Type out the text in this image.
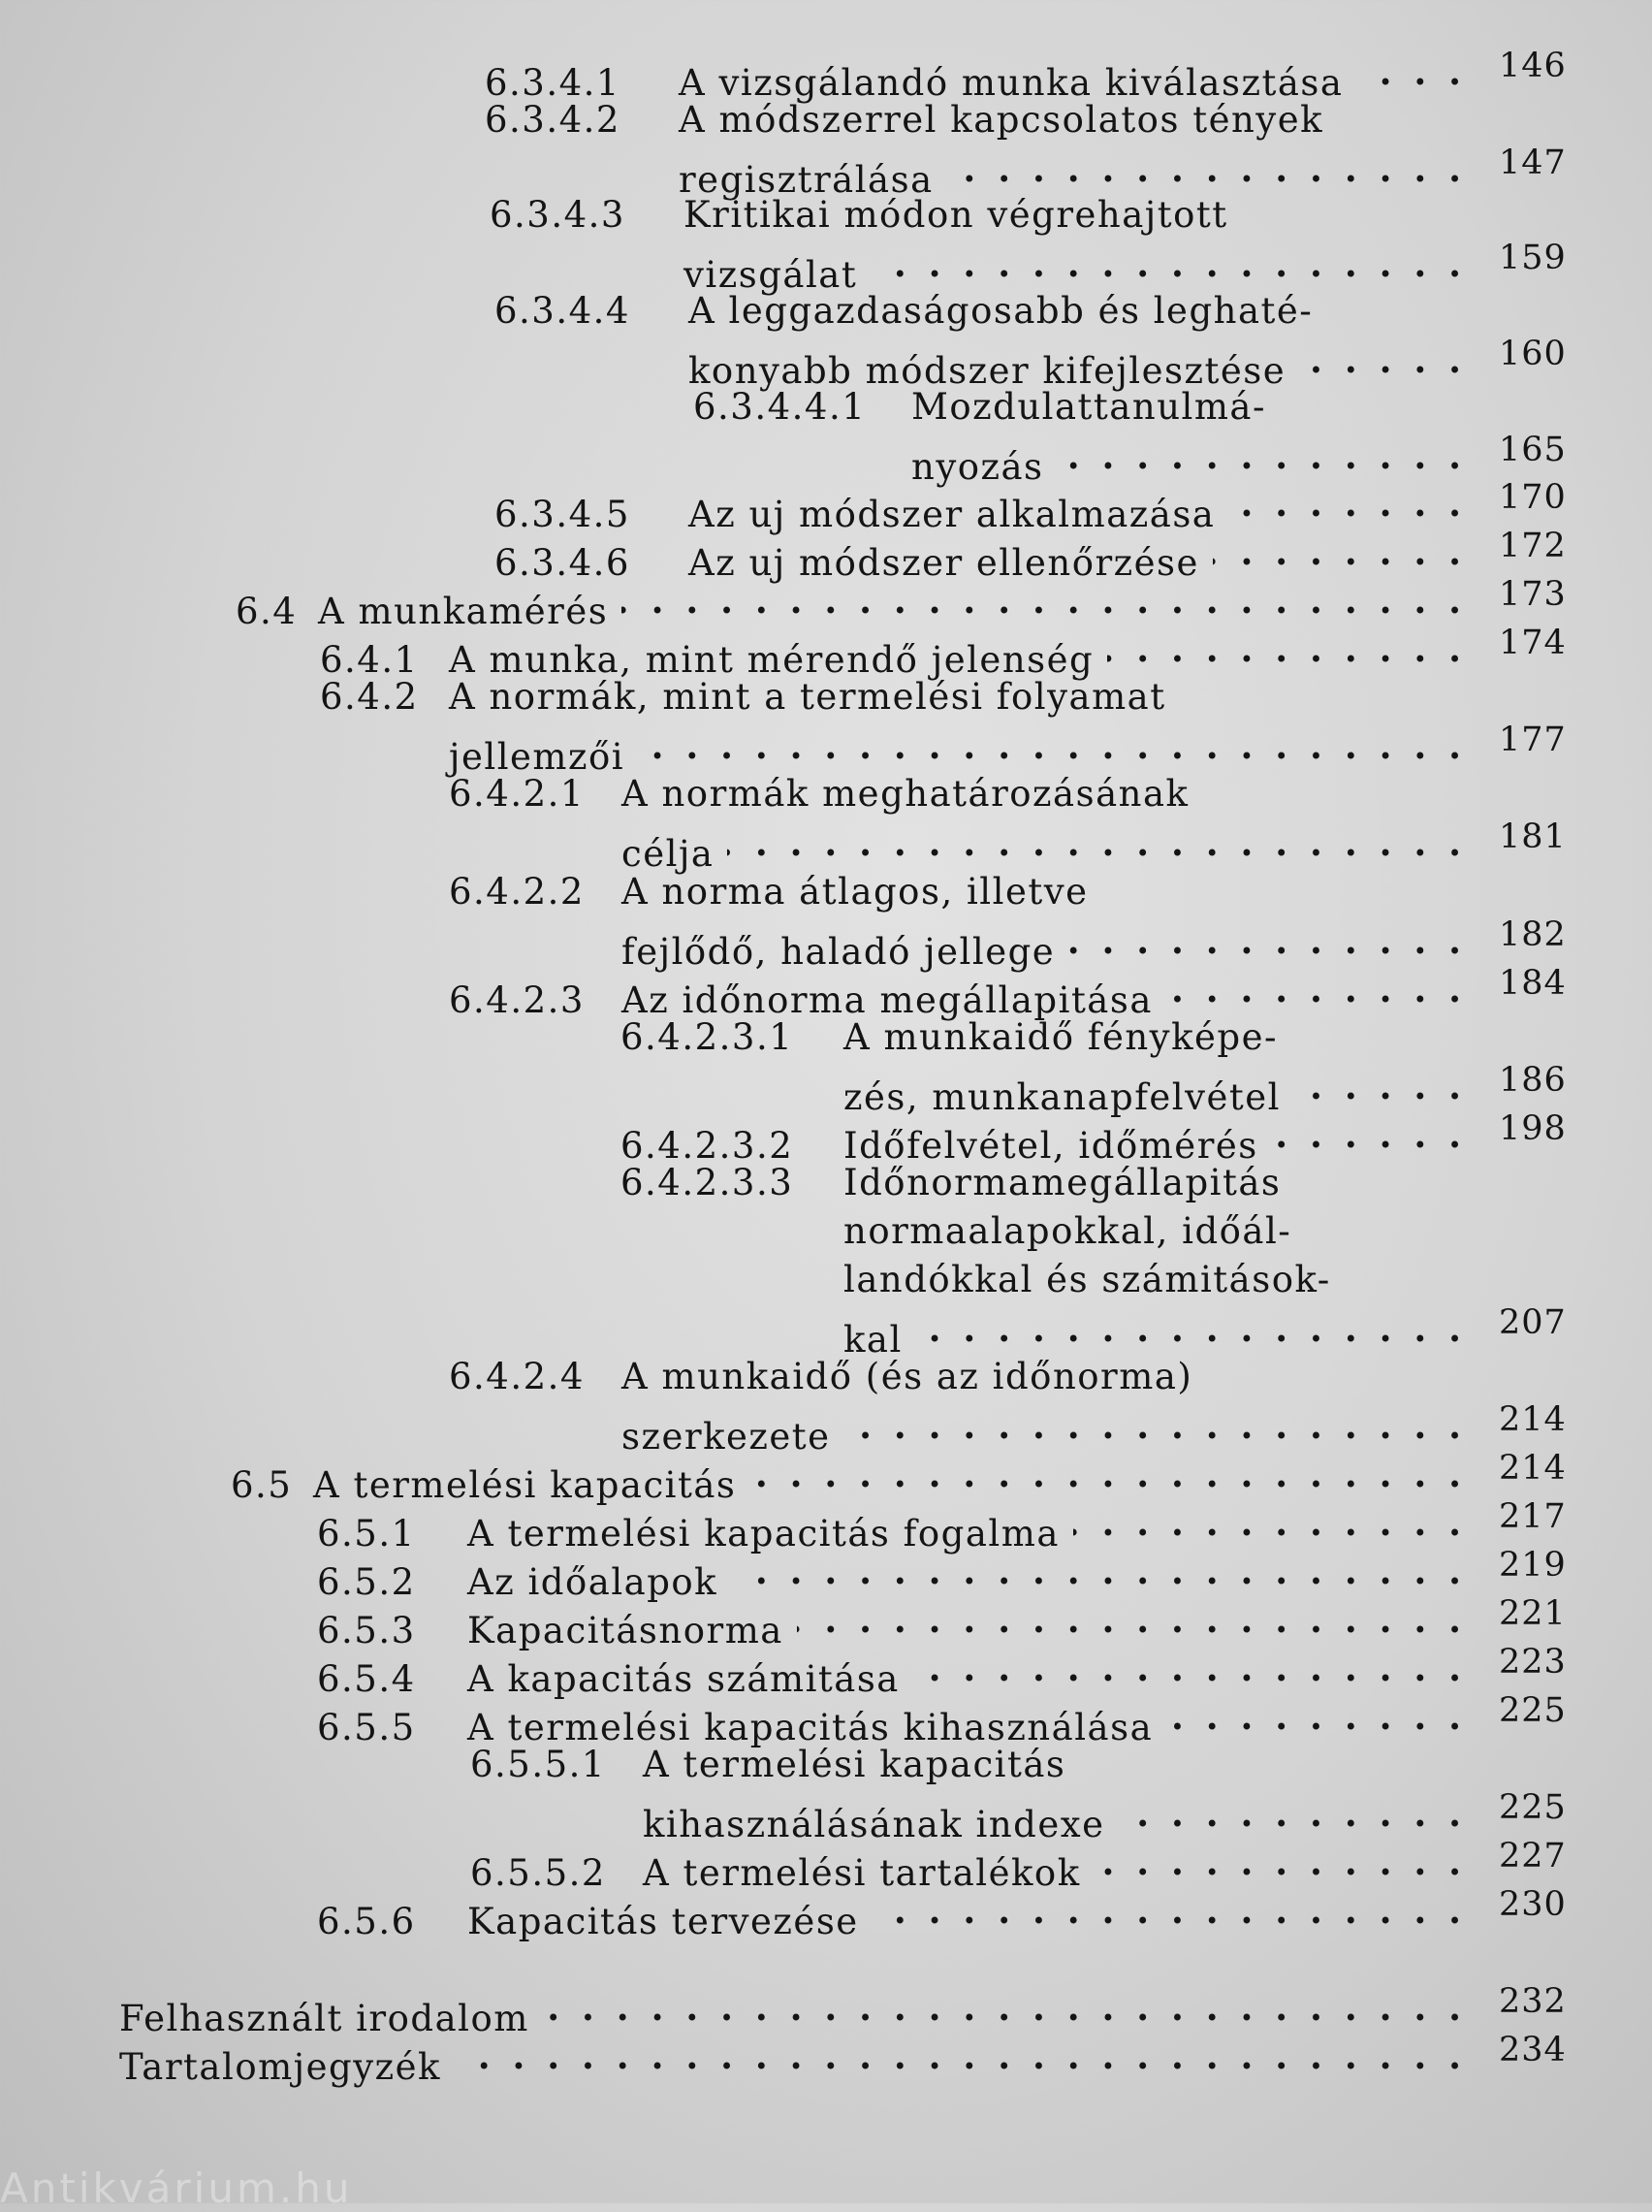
6.3.4.1	A vizsgálandó munka kiválasztása . . .	146
6.3.4.2	A módszerrel kapcsolatos tények
regisztrálása . . .	147
6.3.4.3	Kritikai módon végrehajtott
vizsgálat . . .	159
6.3.4.4	A leggazdaságosabb és leghaté-
konyabb módszer kifejlesztése . . .	160
6.3.4.4.1	Mozdulattanulmá-
nyozás . . .	165
6.3.4.5	Az uj módszer alkalmazása . . .	170
6.3.4.6	Az uj módszer ellenőrzése . . .	172
6.4 A munkamérés . . .	173
6.4.1 A munka, mint mérendő jelenség . . .	174
6.4.2 A normák, mint a termelési folyamat
jellemzői . . .	177
6.4.2.1	A normák meghatározásának
célja . . .	181
6.4.2.2	A norma átlagos, illetve
fejlődő, haladó jellege . . .	182
6.4.2.3	Az időnorma megállapitása . . .	184
6.4.2.3.1	A munkaidő fényképe-
zés, munkanapfelvétel . . .	186
6.4.2.3.2	Időfelvétel, időmérés . . .	198
6.4.2.3.3	Időnormamegállapitás
normaalapokkal, időál-
landókkal és számitások-
kal . . .	207
6.4.2.4	A munkaidő (és az időnorma)
szerkezete . . .	214
6.5 A termelési kapacitás . . .	214
6.5.1	A termelési kapacitás fogalma . . .	217
6.5.2	Az időalapok . . .	219
6.5.3	Kapacitásnorma . . .	221
6.5.4	A kapacitás számitása . . .	223
6.5.5	A termelési kapacitás kihasználása . . .	225
6.5.5.1	A termelési kapacitás
kihasználásának indexe . . .	225
6.5.5.2	A termelési tartalékok . . .	227
6.5.6	Kapacitás tervezése . . .	230
Felhasznált irodalom . . .	232
Tartalomjegyzék . . .	234
Antikvárium.hu
